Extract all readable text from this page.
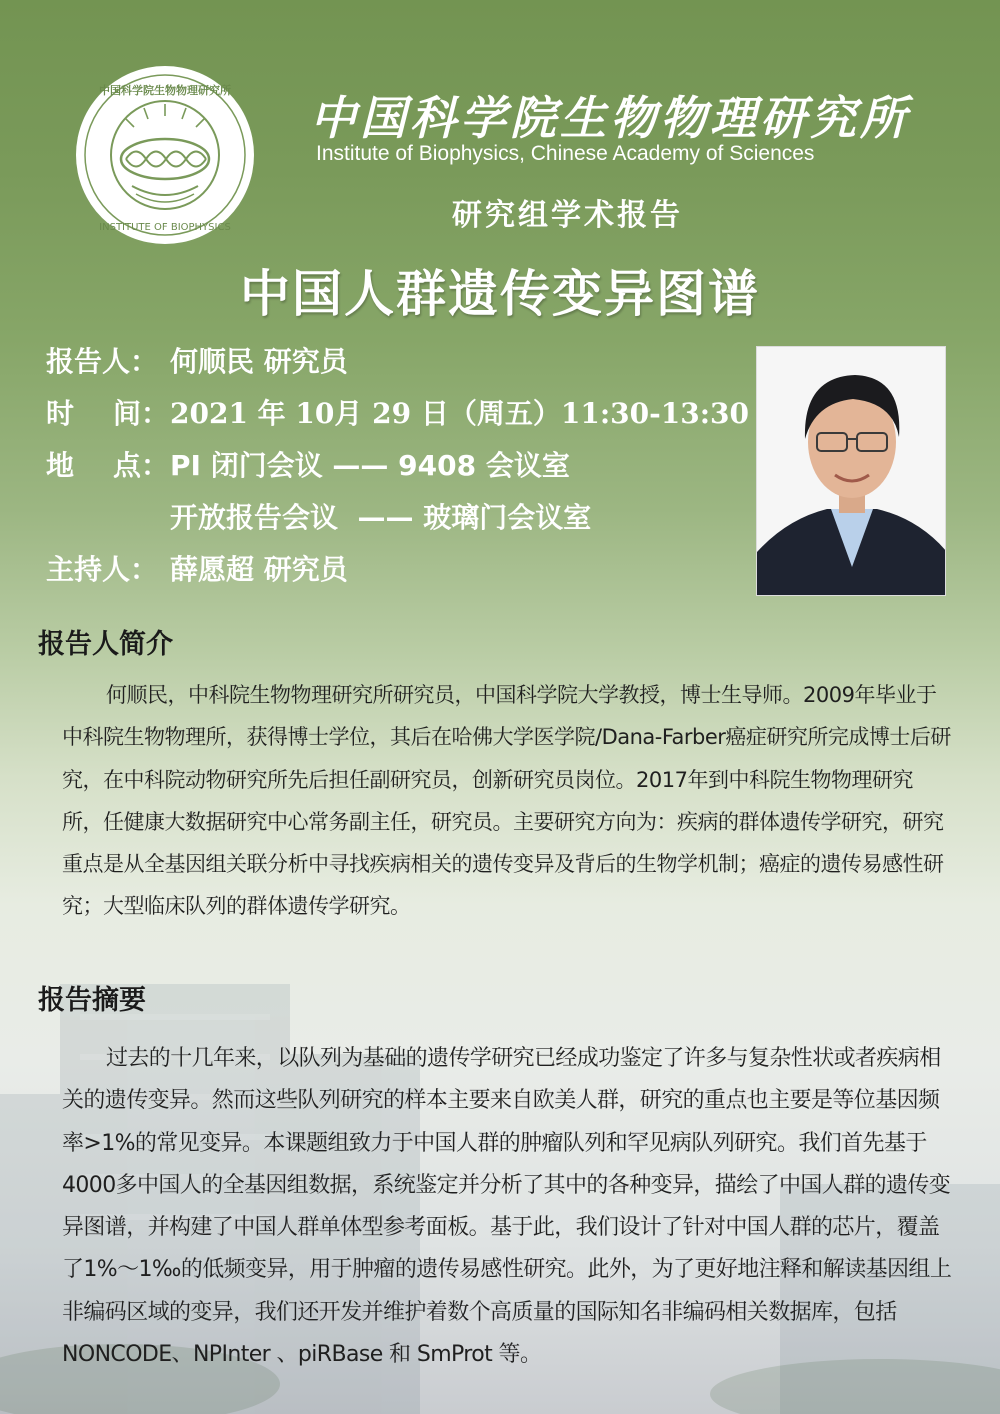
中国科学院生物物理研究所
INSTITUTE OF BIOPHYSICS
中国科学院生物物理研究所
Institute of Biophysics, Chinese Academy of Sciences
研究组学术报告
中国人群遗传变异图谱
报告人： 何顺民 研究员
时    间：2021 年 10月 29 日（周五）11:30-13:30
地    点：PI 闭门会议 —— 9408 会议室
开放报告会议  —— 玻璃门会议室
主持人： 薛愿超 研究员
报告人简介
何顺民，中科院生物物理研究所研究员，中国科学院大学教授，博士生导师。2009年毕业于中科院生物物理所，获得博士学位，其后在哈佛大学医学院/Dana-Farber癌症研究所完成博士后研究，在中科院动物研究所先后担任副研究员，创新研究员岗位。2017年到中科院生物物理研究所，任健康大数据研究中心常务副主任，研究员。主要研究方向为：疾病的群体遗传学研究，研究重点是从全基因组关联分析中寻找疾病相关的遗传变异及背后的生物学机制；癌症的遗传易感性研究；大型临床队列的群体遗传学研究。
报告摘要
过去的十几年来，以队列为基础的遗传学研究已经成功鉴定了许多与复杂性状或者疾病相关的遗传变异。然而这些队列研究的样本主要来自欧美人群，研究的重点也主要是等位基因频率>1%的常见变异。本课题组致力于中国人群的肿瘤队列和罕见病队列研究。我们首先基于4000多中国人的全基因组数据，系统鉴定并分析了其中的各种变异，描绘了中国人群的遗传变异图谱，并构建了中国人群单体型参考面板。基于此，我们设计了针对中国人群的芯片，覆盖了1%～1‰的低频变异，用于肿瘤的遗传易感性研究。此外，为了更好地注释和解读基因组上非编码区域的变异，我们还开发并维护着数个高质量的国际知名非编码相关数据库，包括 NONCODE、NPInter 、piRBase 和 SmProt 等。
